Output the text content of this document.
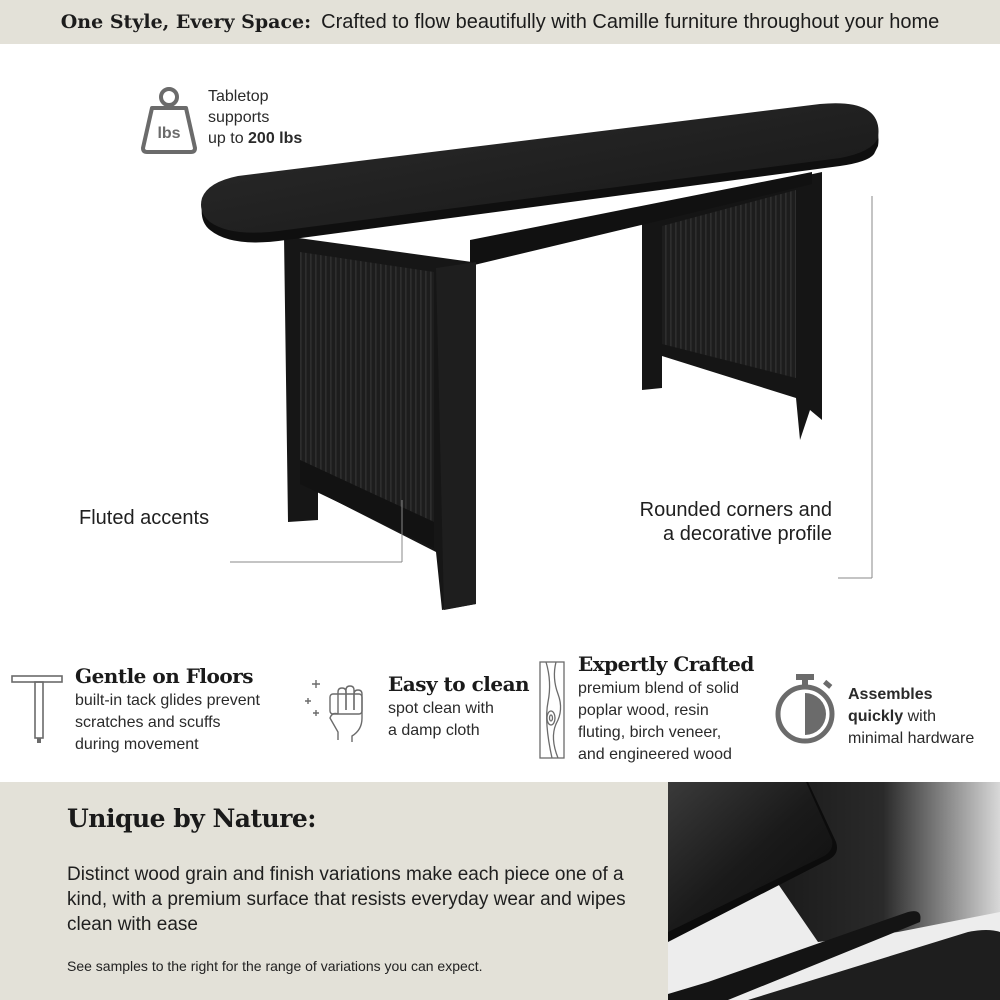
One Style, Every Space: Crafted to flow beautifully with Camille furniture throughout your home
lbs
Tabletop
supports
up to 200 lbs
Fluted accents	Rounded corners and
a decorative profile
Gentle on Floors
built-in tack glides prevent
scratches and scuffs
during movement
Easy to clean
spot clean with
a damp cloth
Expertly Crafted
premium blend of solid
poplar wood, resin
fluting, birch veneer,
and engineered wood
Assembles
quickly with
minimal hardware
Unique by Nature:
Distinct wood grain and finish variations make each piece one of a kind, with a premium surface that resists everyday wear and wipes clean with ease
See samples to the right for the range of variations you can expect.
